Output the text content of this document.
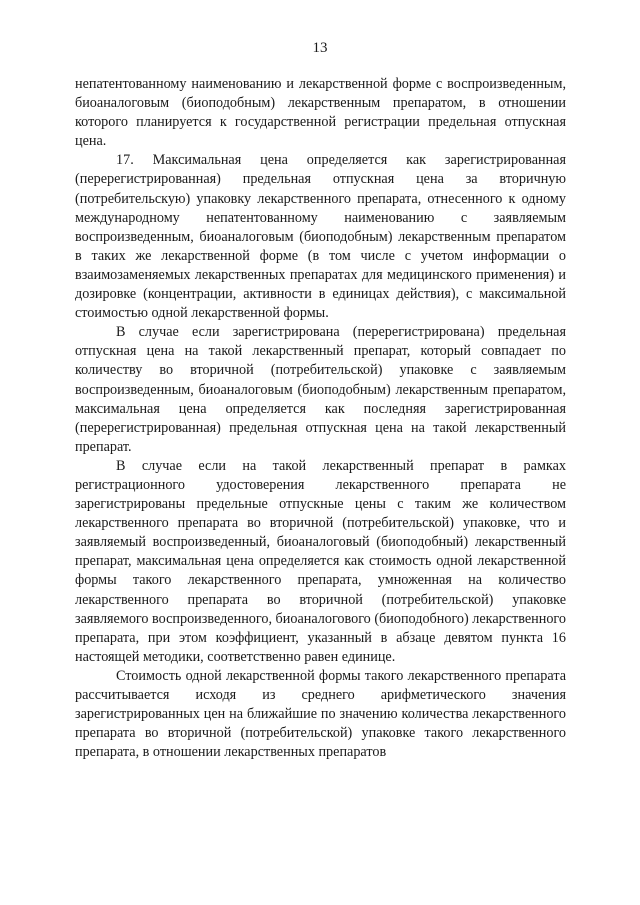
13

непатентованному наименованию и лекарственной форме с воспроизведенным, биоаналоговым (биоподобным) лекарственным препаратом, в отношении которого планируется к государственной регистрации предельная отпускная цена.

17. Максимальная цена определяется как зарегистрированная (перерегистрированная) предельная отпускная цена за вторичную (потребительскую) упаковку лекарственного препарата, отнесенного к одному международному непатентованному наименованию с заявляемым воспроизведенным, биоаналоговым (биоподобным) лекарственным препаратом в таких же лекарственной форме (в том числе с учетом информации о взаимозаменяемых лекарственных препаратах для медицинского применения) и дозировке (концентрации, активности в единицах действия), с максимальной стоимостью одной лекарственной формы.

В случае если зарегистрирована (перерегистрирована) предельная отпускная цена на такой лекарственный препарат, который совпадает по количеству во вторичной (потребительской) упаковке с заявляемым воспроизведенным, биоаналоговым (биоподобным) лекарственным препаратом, максимальная цена определяется как последняя зарегистрированная (перерегистрированная) предельная отпускная цена на такой лекарственный препарат.

В случае если на такой лекарственный препарат в рамках регистрационного удостоверения лекарственного препарата не зарегистрированы предельные отпускные цены с таким же количеством лекарственного препарата во вторичной (потребительской) упаковке, что и заявляемый воспроизведенный, биоаналоговый (биоподобный) лекарственный препарат, максимальная цена определяется как стоимость одной лекарственной формы такого лекарственного препарата, умноженная на количество лекарственного препарата во вторичной (потребительской) упаковке заявляемого воспроизведенного, биоаналогового (биоподобного) лекарственного препарата, при этом коэффициент, указанный в абзаце девятом пункта 16 настоящей методики, соответственно равен единице.

Стоимость одной лекарственной формы такого лекарственного препарата рассчитывается исходя из среднего арифметического значения зарегистрированных цен на ближайшие по значению количества лекарственного препарата во вторичной (потребительской) упаковке такого лекарственного препарата, в отношении лекарственных препаратов
